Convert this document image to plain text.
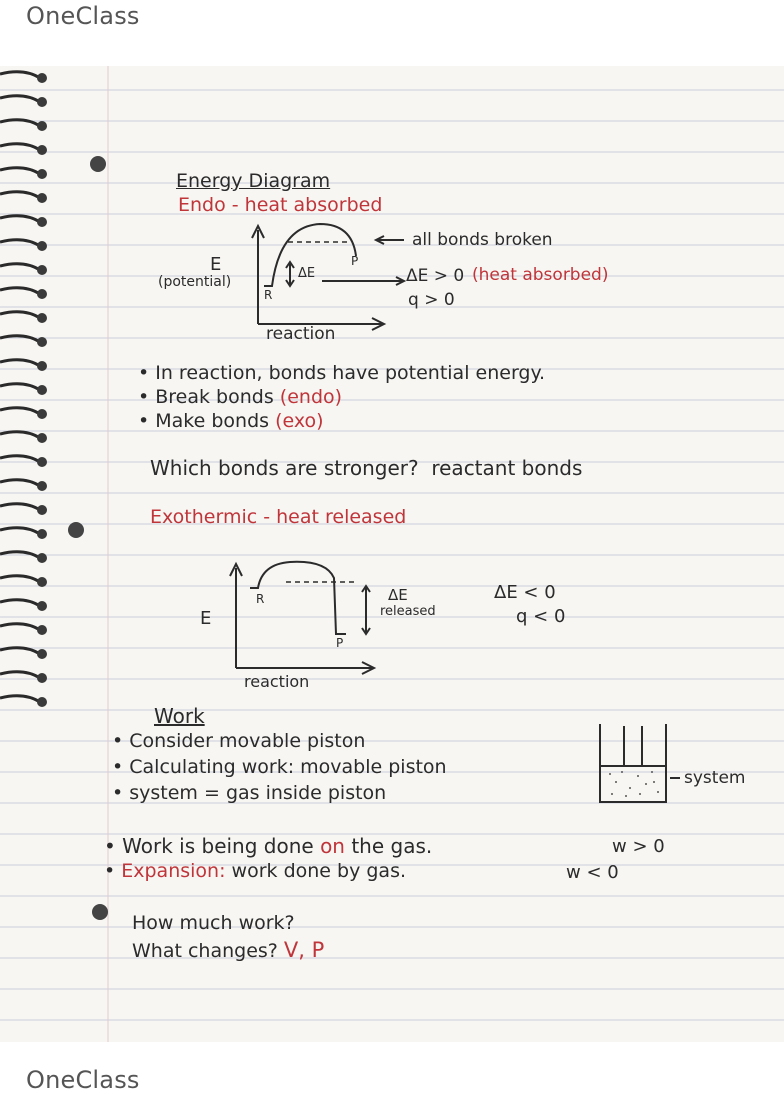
OneClass
Energy Diagram
Endo - heat absorbed
E
(potential)
R
P
ΔE
all bonds broken
ΔE > 0 (heat absorbed)
q > 0
reaction
• In reaction, bonds have potential energy.
• Break bonds (endo)
• Make bonds (exo)
Which bonds are stronger? reactant bonds
Exothermic - heat released
E
R
P
ΔE
released
ΔE < 0
q < 0
reaction
Work
• Consider movable piston
• Calculating work: movable piston
• system = gas inside piston
system
• Work is being done on the gas.	w > 0
• Expansion: work done by gas.	w < 0
How much work?
What changes? V, P
OneClass
